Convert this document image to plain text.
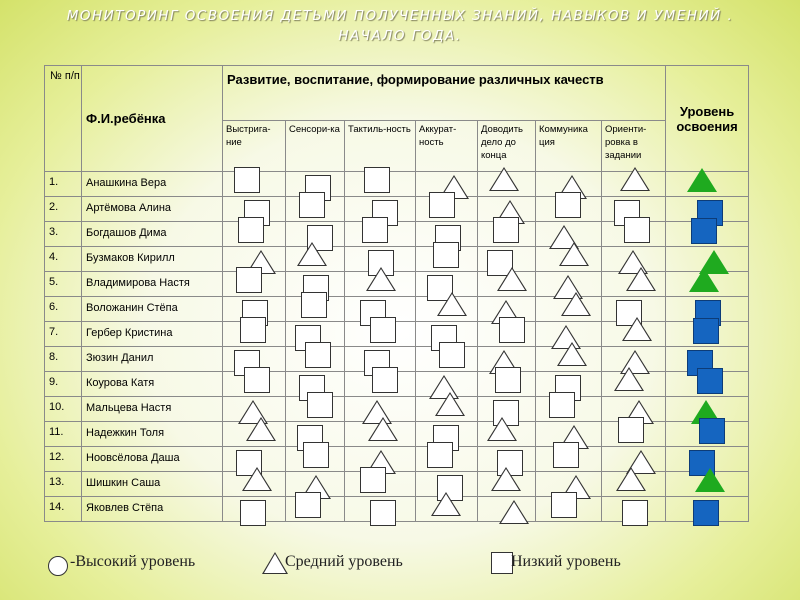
МОНИТОРИНГ ОСВОЕНИЯ ДЕТЬМИ ПОЛУЧЕННЫХ ЗНАНИЙ, НАВЫКОВ И УМЕНИЙ .
НАЧАЛО ГОДА.
№ п/п	Ф.И.ребёнка	Развитие, воспитание, формирование различных качеств							Уровень освоения
		Выстрига-ние	Сенсори-ка	Тактиль-ность	Аккурат-ность	Доводить дело до конца	Коммуника ция	Ориенти-ровка в задании	
1.	Анашкина Вера	

2.	Артёмова Алина	

3.	Богдашов Дима	

4.	Бузмаков Кирилл	

5.	Владимирова Настя	

6.	Воложанин Стёпа	

7.	Гербер Кристина	

8.	Зюзин Данил	

9.	Коурова Катя	

10.	Мальцева Настя	

11.	Надежкин Толя	

12.	Ноовсёлова Даша	

13.	Шишкин Саша	

14.	Яковлев Стёпа	

-Высокий уровень	Средний уровень	Низкий уровень
